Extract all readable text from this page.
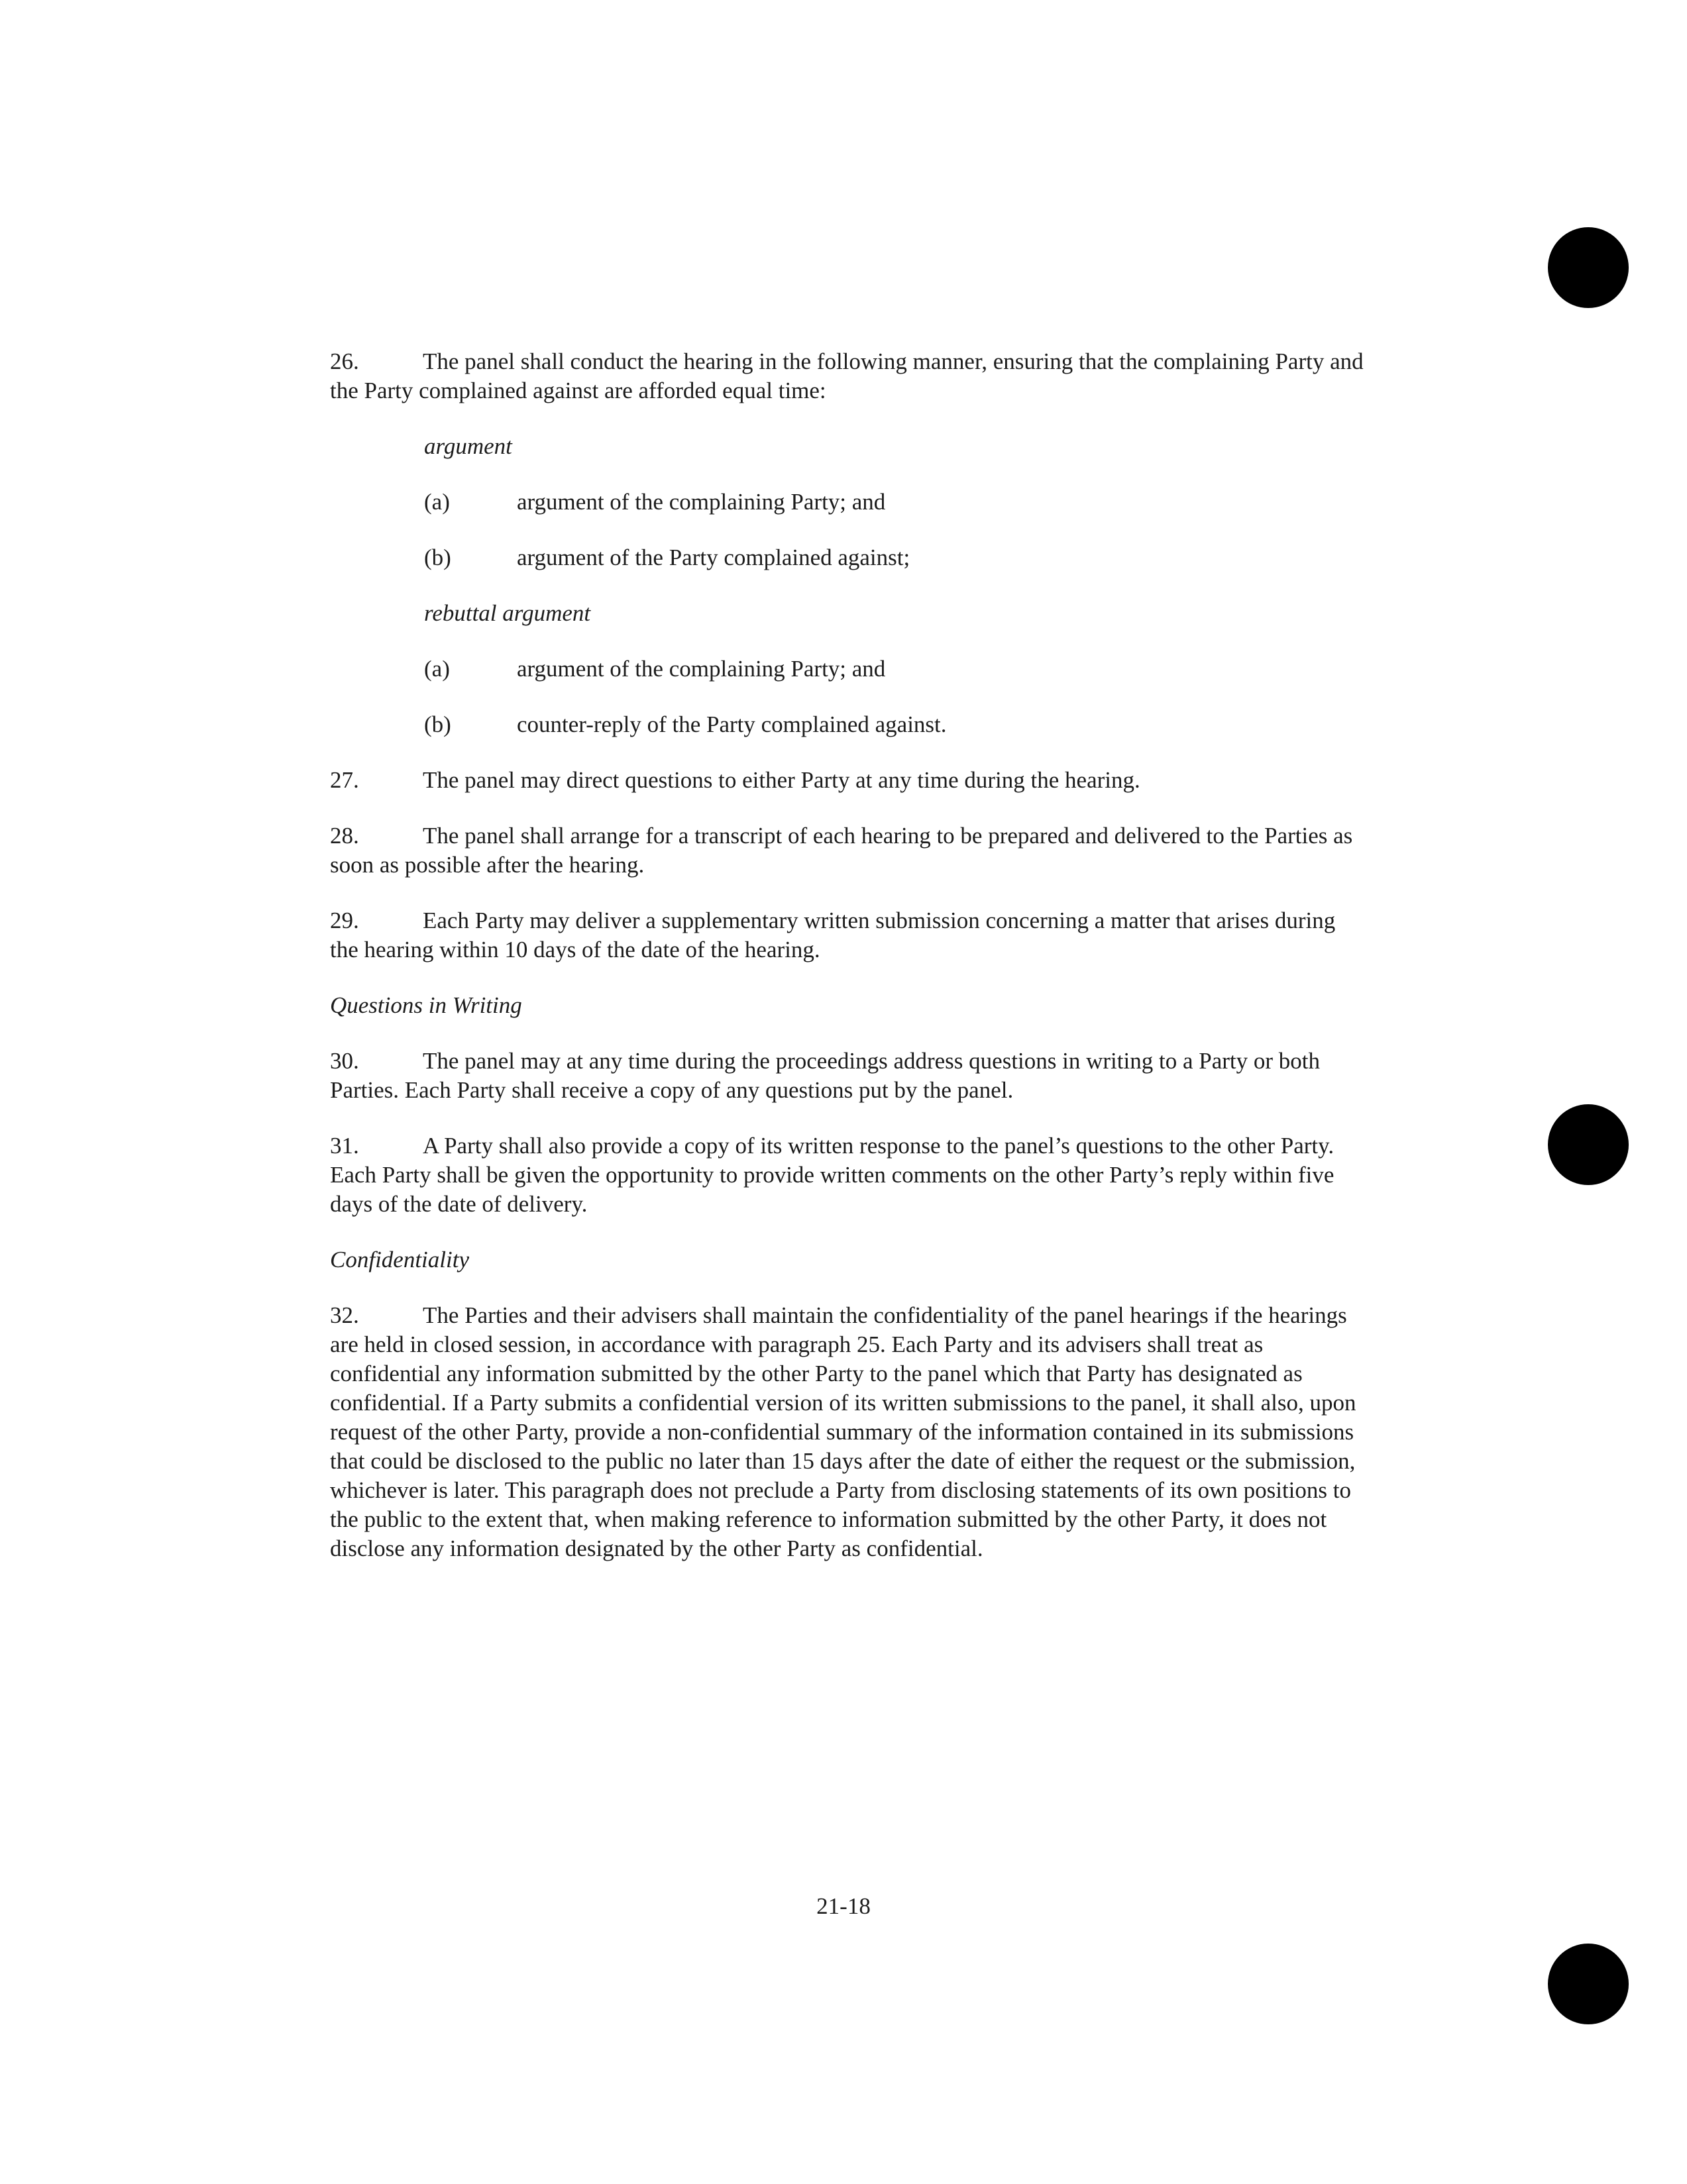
26.	The panel shall conduct the hearing in the following manner, ensuring that the complaining Party and the Party complained against are afforded equal time:

argument
(a)	argument of the complaining Party; and
(b)	argument of the Party complained against;
rebuttal argument
(a)	argument of the complaining Party; and
(b)	counter-reply of the Party complained against.

27.	The panel may direct questions to either Party at any time during the hearing.

28.	The panel shall arrange for a transcript of each hearing to be prepared and delivered to the Parties as soon as possible after the hearing.

29.	Each Party may deliver a supplementary written submission concerning a matter that arises during the hearing within 10 days of the date of the hearing.

Questions in Writing

30.	The panel may at any time during the proceedings address questions in writing to a Party or both Parties. Each Party shall receive a copy of any questions put by the panel.

31.	A Party shall also provide a copy of its written response to the panel’s questions to the other Party. Each Party shall be given the opportunity to provide written comments on the other Party’s reply within five days of the date of delivery.

Confidentiality

32.	The Parties and their advisers shall maintain the confidentiality of the panel hearings if the hearings are held in closed session, in accordance with paragraph 25. Each Party and its advisers shall treat as confidential any information submitted by the other Party to the panel which that Party has designated as confidential. If a Party submits a confidential version of its written submissions to the panel, it shall also, upon request of the other Party, provide a non-confidential summary of the information contained in its submissions that could be disclosed to the public no later than 15 days after the date of either the request or the submission, whichever is later. This paragraph does not preclude a Party from disclosing statements of its own positions to the public to the extent that, when making reference to information submitted by the other Party, it does not disclose any information designated by the other Party as confidential.

21-18
